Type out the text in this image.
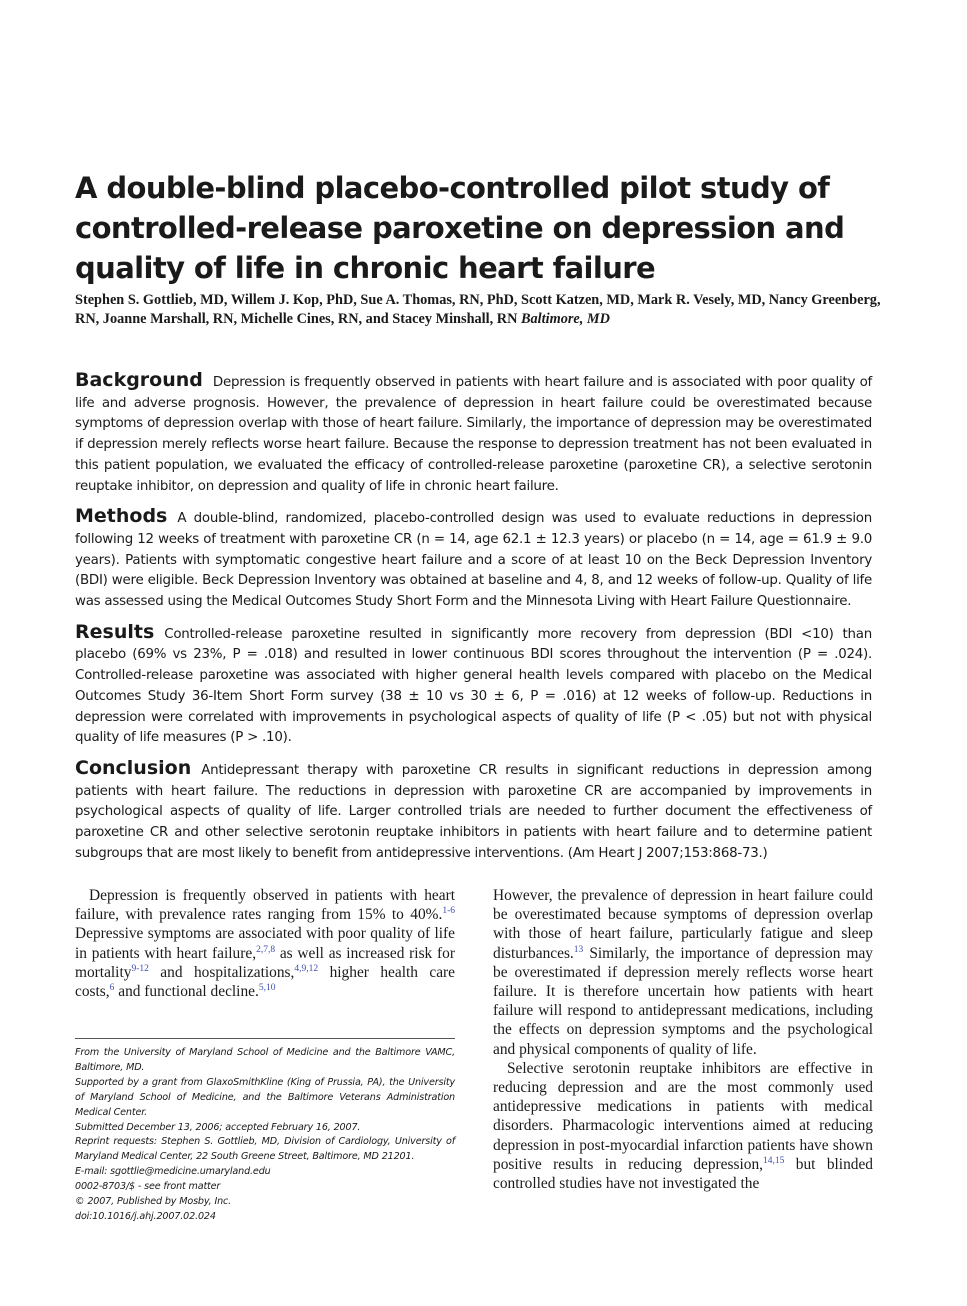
A double-blind placebo-controlled pilot study of controlled-release paroxetine on depression and quality of life in chronic heart failure

Stephen S. Gottlieb, MD, Willem J. Kop, PhD, Sue A. Thomas, RN, PhD, Scott Katzen, MD, Mark R. Vesely, MD, Nancy Greenberg, RN, Joanne Marshall, RN, Michelle Cines, RN, and Stacey Minshall, RN Baltimore, MD

Background Depression is frequently observed in patients with heart failure and is associated with poor quality of life and adverse prognosis. However, the prevalence of depression in heart failure could be overestimated because symptoms of depression overlap with those of heart failure. Similarly, the importance of depression may be overestimated if depression merely reflects worse heart failure. Because the response to depression treatment has not been evaluated in this patient population, we evaluated the efficacy of controlled-release paroxetine (paroxetine CR), a selective serotonin reuptake inhibitor, on depression and quality of life in chronic heart failure.

Methods A double-blind, randomized, placebo-controlled design was used to evaluate reductions in depression following 12 weeks of treatment with paroxetine CR (n = 14, age 62.1 ± 12.3 years) or placebo (n = 14, age = 61.9 ± 9.0 years). Patients with symptomatic congestive heart failure and a score of at least 10 on the Beck Depression Inventory (BDI) were eligible. Beck Depression Inventory was obtained at baseline and 4, 8, and 12 weeks of follow-up. Quality of life was assessed using the Medical Outcomes Study Short Form and the Minnesota Living with Heart Failure Questionnaire.

Results Controlled-release paroxetine resulted in significantly more recovery from depression (BDI <10) than placebo (69% vs 23%, P = .018) and resulted in lower continuous BDI scores throughout the intervention (P = .024). Controlled-release paroxetine was associated with higher general health levels compared with placebo on the Medical Outcomes Study 36-Item Short Form survey (38 ± 10 vs 30 ± 6, P = .016) at 12 weeks of follow-up. Reductions in depression were correlated with improvements in psychological aspects of quality of life (P < .05) but not with physical quality of life measures (P > .10).

Conclusion Antidepressant therapy with paroxetine CR results in significant reductions in depression among patients with heart failure. The reductions in depression with paroxetine CR are accompanied by improvements in psychological aspects of quality of life. Larger controlled trials are needed to further document the effectiveness of paroxetine CR and other selective serotonin reuptake inhibitors in patients with heart failure and to determine patient subgroups that are most likely to benefit from antidepressive interventions. (Am Heart J 2007;153:868-73.)

Depression is frequently observed in patients with heart failure, with prevalence rates ranging from 15% to 40%.$^{1-6}$ Depressive symptoms are associated with poor quality of life in patients with heart failure,$^{2,7,8}$ as well as increased risk for mortality$^{9-12}$ and hospitalizations,$^{4,9,12}$ higher health care costs,$^6$ and functional decline.$^{5,10}$

From the University of Maryland School of Medicine and the Baltimore VAMC, Baltimore, MD.
Supported by a grant from GlaxoSmithKline (King of Prussia, PA), the University of Maryland School of Medicine, and the Baltimore Veterans Administration Medical Center.
Submitted December 13, 2006; accepted February 16, 2007.
Reprint requests: Stephen S. Gottlieb, MD, Division of Cardiology, University of Maryland Medical Center, 22 South Greene Street, Baltimore, MD 21201.
E-mail: sgottlie@medicine.umaryland.edu
0002-8703/$ - see front matter
© 2007, Published by Mosby, Inc.
doi:10.1016/j.ahj.2007.02.024

However, the prevalence of depression in heart failure could be overestimated because symptoms of depression overlap with those of heart failure, particularly fatigue and sleep disturbances.$^{13}$ Similarly, the importance of depression may be overestimated if depression merely reflects worse heart failure. It is therefore uncertain how patients with heart failure will respond to antidepressant medications, including the effects on depression symptoms and the psychological and physical components of quality of life.

Selective serotonin reuptake inhibitors are effective in reducing depression and are the most commonly used antidepressive medications in patients with medical disorders. Pharmacologic interventions aimed at reducing depression in post-myocardial infarction patients have shown positive results in reducing depression,$^{14,15}$ but blinded controlled studies have not investigated the
